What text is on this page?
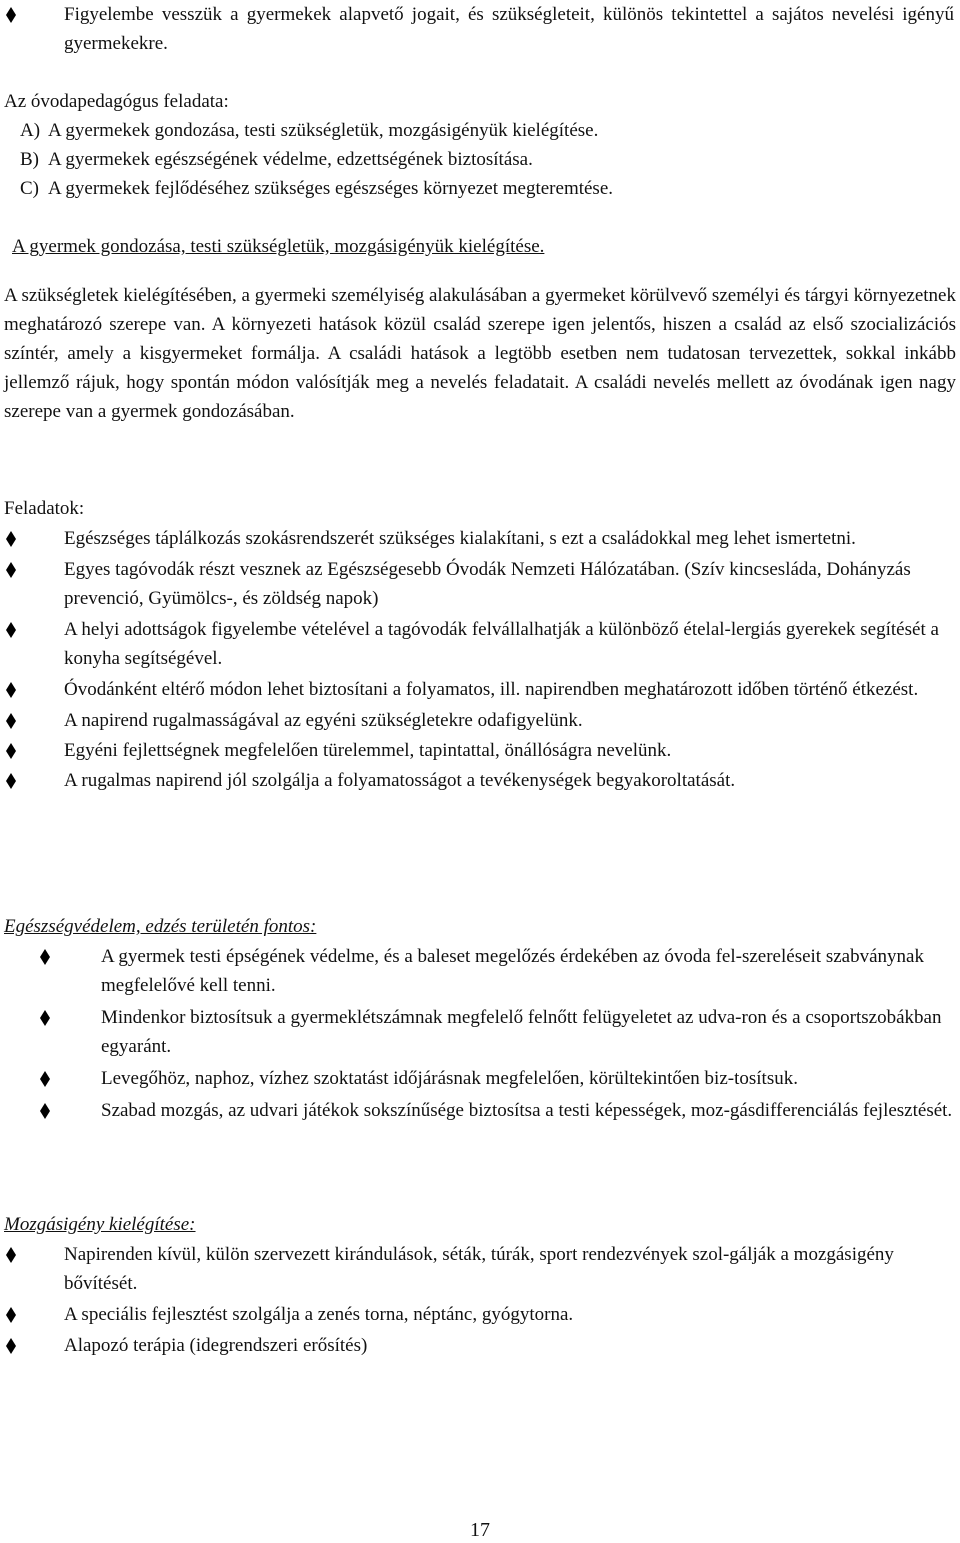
Figyelembe vesszük a gyermekek alapvető jogait, és szükségleteit, különös tekintettel a sajátos nevelési igényű gyermekekre.

Az óvodapedagógus feladata:

A) A gyermekek gondozása, testi szükségletük, mozgásigényük kielégítése.
B) A gyermekek egészségének védelme, edzettségének biztosítása.
C) A gyermekek fejlődéséhez szükséges egészséges környezet megteremtése.

A gyermek gondozása, testi szükségletük, mozgásigényük kielégítése.

A szükségletek kielégítésében, a gyermeki személyiség alakulásában a gyermeket körülvevő személyi és tárgyi környezetnek meghatározó szerepe van. A környezeti hatások közül család szerepe igen jelentős, hiszen a család az első szocializációs színtér, amely a kisgyermeket formálja. A családi hatások a legtöbb esetben nem tudatosan tervezettek, sokkal inkább jellemző rájuk, hogy spontán módon valósítják meg a nevelés feladatait. A családi nevelés mellett az óvodának igen nagy szerepe van a gyermek gondozásában.

Feladatok:

Egészséges táplálkozás szokásrendszerét szükséges kialakítani, s ezt a családokkal meg lehet ismertetni.
Egyes tagóvodák részt vesznek az Egészségesebb Óvodák Nemzeti Hálózatában. (Szív kincsesláda, Dohányzás prevenció, Gyümölcs-, és zöldség napok)
A helyi adottságok figyelembe vételével a tagóvodák felvállalhatják a különböző ételal-lergiás gyerekek segítését a konyha segítségével.
Óvodánként eltérő módon lehet biztosítani a folyamatos, ill. napirendben meghatározott időben történő étkezést.
A napirend rugalmasságával az egyéni szükségletekre odafigyelünk.
Egyéni fejlettségnek megfelelően türelemmel, tapintattal, önállóságra nevelünk.
A rugalmas napirend jól szolgálja a folyamatosságot a tevékenységek begyakoroltatását.

Egészségvédelem, edzés területén fontos:

A gyermek testi épségének védelme, és a baleset megelőzés érdekében az óvoda fel-szereléseit szabványnak megfelelővé kell tenni.
Mindenkor biztosítsuk a gyermeklétszámnak megfelelő felnőtt felügyeletet az udva-ron és a csoportszobákban egyaránt.
Levegőhöz, naphoz, vízhez szoktatást időjárásnak megfelelően, körültekintően biz-tosítsuk.
Szabad mozgás, az udvari játékok sokszínűsége biztosítsa a testi képességek, moz-gásdifferenciálás fejlesztését.

Mozgásigény kielégítése:

Napirenden kívül, külön szervezett kirándulások, séták, túrák, sport rendezvények szol-gálják a mozgásigény bővítését.
A speciális fejlesztést szolgálja a zenés torna, néptánc, gyógytorna.
Alapozó terápia (idegrendszeri erősítés)
17
